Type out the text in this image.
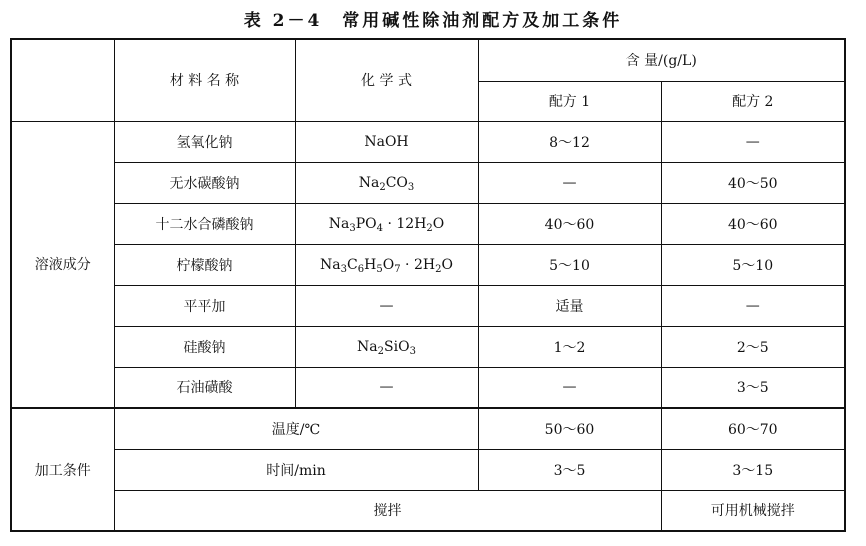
表 2－4　常用碱性除油剂配方及加工条件
	材 料 名 称	化 学 式	含 量/(g/L)	
			配方 1	配方 2
溶液成分	氢氧化钠	NaOH	8～12	—
	无水碳酸钠	$Na_2CO_3$	—	40～50
	十二水合磷酸钠	$Na_3PO_4 \cdot 12H_2O$	40～60	40～60
	柠檬酸钠	$Na_3C_6H_5O_7 \cdot 2H_2O$	5～10	5～10
	平平加	—	适量	—
	硅酸钠	$Na_2SiO_3$	1～2	2～5
	石油磺酸	—	—	3～5
加工条件	温度/℃		50～60	60～70
	时间/min		3～5	3～15
	搅拌			可用机械搅拌
